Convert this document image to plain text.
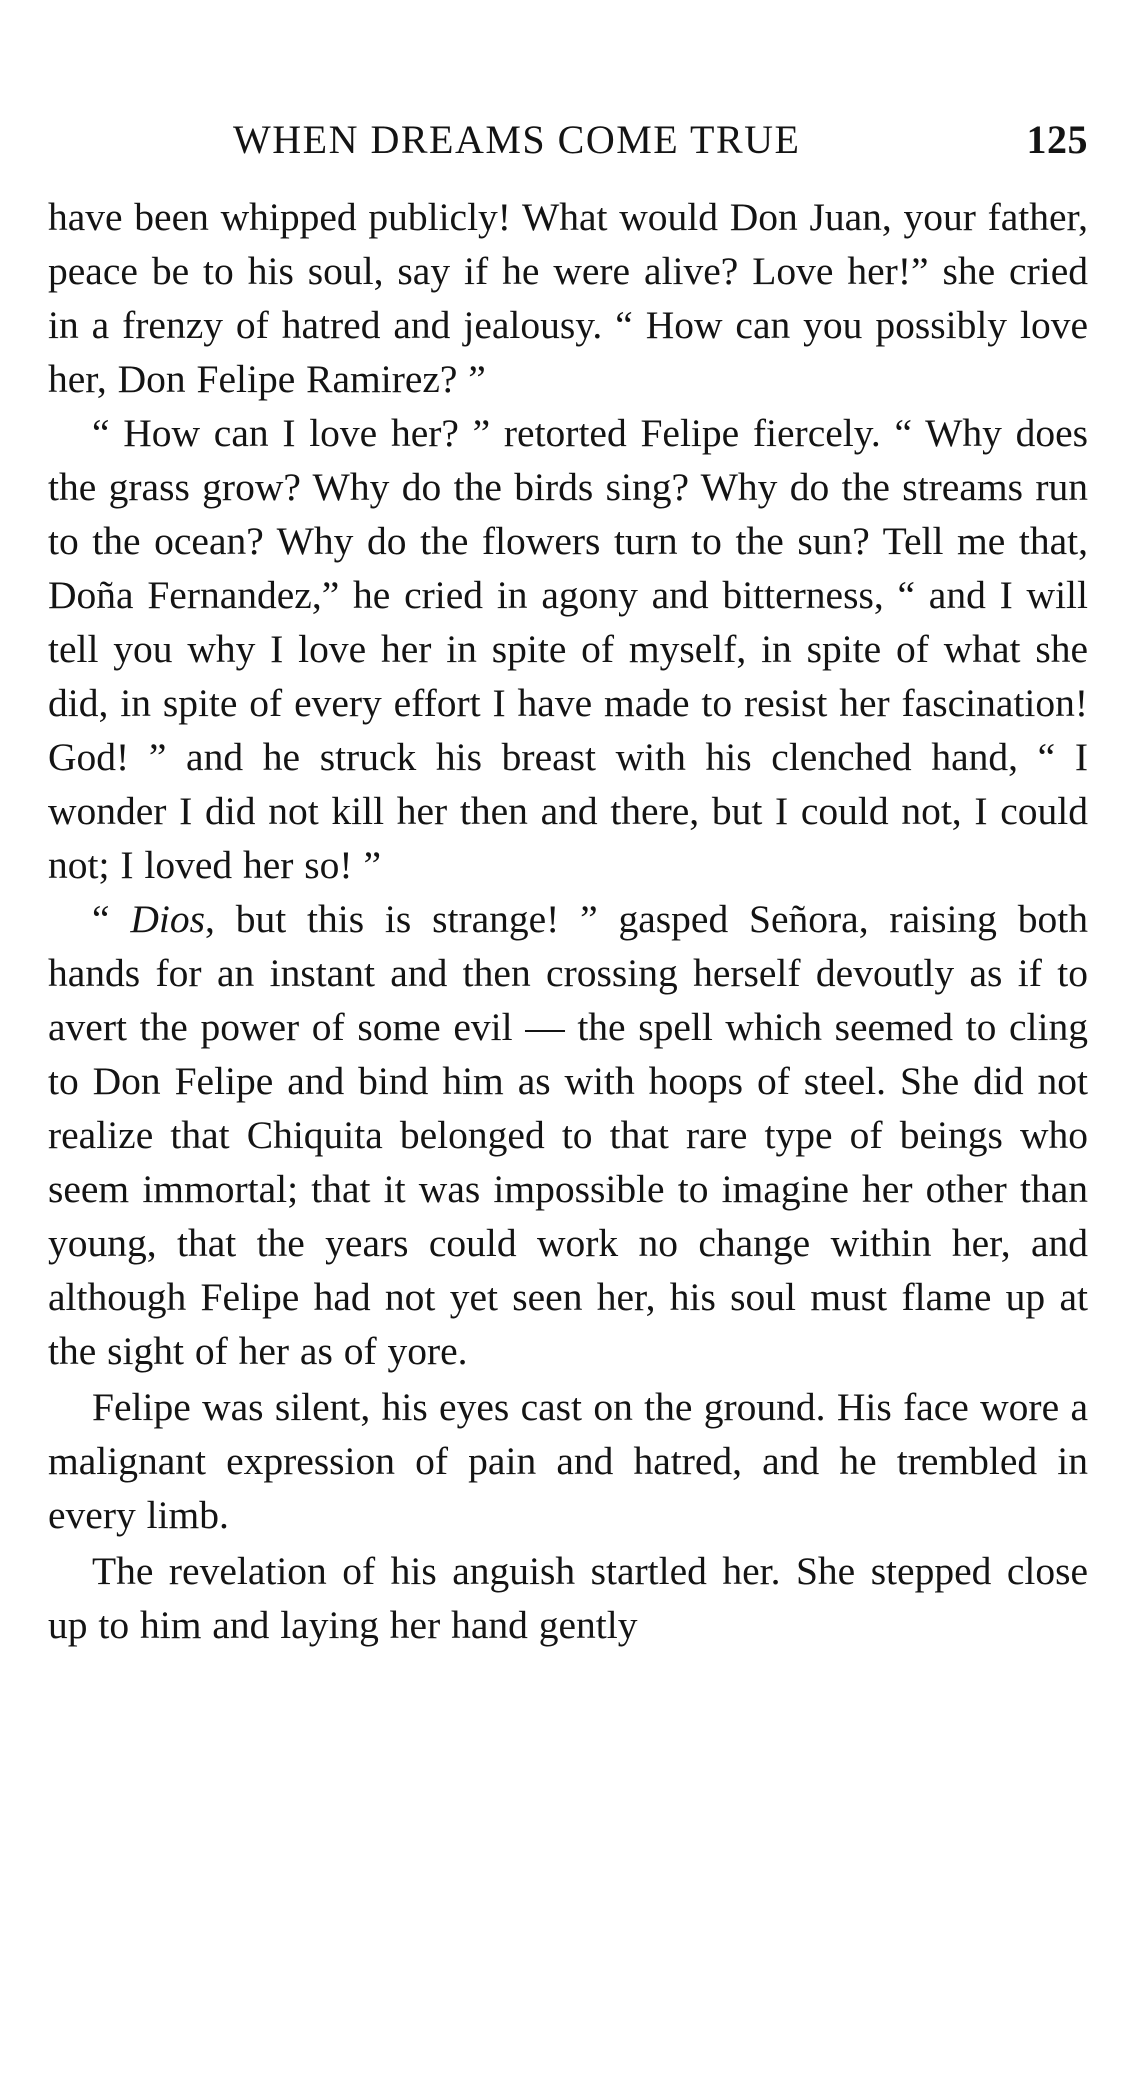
WHEN DREAMS COME TRUE	125

have been whipped publicly! What would Don Juan, your father, peace be to his soul, say if he were alive? Love her!” she cried in a frenzy of hatred and jealousy. “ How can you possibly love her, Don Felipe Ramirez? ”

“ How can I love her? ” retorted Felipe fiercely. “ Why does the grass grow? Why do the birds sing? Why do the streams run to the ocean? Why do the flowers turn to the sun? Tell me that, Doña Fernandez,” he cried in agony and bitterness, “ and I will tell you why I love her in spite of myself, in spite of what she did, in spite of every effort I have made to resist her fascination! God! ” and he struck his breast with his clenched hand, “ I wonder I did not kill her then and there, but I could not, I could not; I loved her so! ”

“ Dios, but this is strange! ” gasped Señora, raising both hands for an instant and then crossing herself devoutly as if to avert the power of some evil — the spell which seemed to cling to Don Felipe and bind him as with hoops of steel. She did not realize that Chiquita belonged to that rare type of beings who seem immortal; that it was impossible to imagine her other than young, that the years could work no change within her, and although Felipe had not yet seen her, his soul must flame up at the sight of her as of yore.

Felipe was silent, his eyes cast on the ground. His face wore a malignant expression of pain and hatred, and he trembled in every limb.

The revelation of his anguish startled her. She stepped close up to him and laying her hand gently
